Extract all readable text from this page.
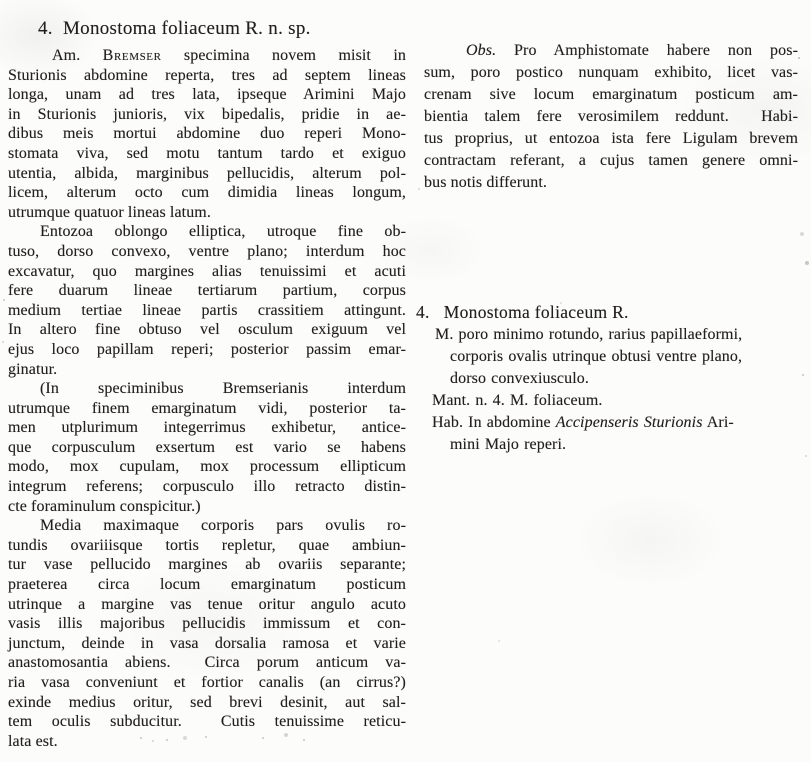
4.  Monostoma foliaceum R. n. sp.
Am. Bremser specimina novem misit in
Sturionis abdomine reperta, tres ad septem lineas
longa, unam ad tres lata, ipseque Arimini Majo
in Sturionis junioris, vix bipedalis, pridie in ae-
dibus meis mortui abdomine duo reperi Mono-
stomata viva, sed motu tantum tardo et exiguo
utentia, albida, marginibus pellucidis, alterum pol-
licem, alterum octo cum dimidia lineas longum,
utrumque quatuor lineas latum.
Entozoa oblongo elliptica, utroque fine ob-
tuso, dorso convexo, ventre plano; interdum hoc
excavatur, quo margines alias tenuissimi et acuti
fere duarum lineae tertiarum partium, corpus
medium tertiae lineae partis crassitiem attingunt.
In altero fine obtuso vel osculum exiguum vel
ejus loco papillam reperi; posterior passim emar-
ginatur.
(In speciminibus Bremserianis interdum
utrumque finem emarginatum vidi, posterior ta-
men utplurimum integerrimus exhibetur, antice-
que corpusculum exsertum est vario se habens
modo, mox cupulam, mox processum ellipticum
integrum referens; corpusculo illo retracto distin-
cte foraminulum conspicitur.)
Media maximaque corporis pars ovulis ro-
tundis ovariiisque tortis repletur, quae ambiun-
tur vase pellucido margines ab ovariis separante;
praeterea circa locum emarginatum posticum
utrinque a margine vas tenue oritur angulo acuto
vasis illis majoribus pellucidis immissum et con-
junctum, deinde in vasa dorsalia ramosa et varie
anastomosantia abiens.  Circa porum anticum va-
ria vasa conveniunt et fortior canalis (an cirrus?)
exinde medius oritur, sed brevi desinit, aut sal-
tem oculis subducitur.  Cutis tenuissime reticu-
lata est.
Obs. Pro Amphistomate habere non pos-
sum, poro postico nunquam exhibito, licet vas-
crenam sive locum emarginatum posticum am-
bientia talem fere verosimilem reddunt.  Habi-
tus proprius, ut entozoa ista fere Ligulam brevem
contractam referant, a cujus tamen genere omni-
bus notis differunt.
4.   Monostoma foliaceum R.
M. poro minimo rotundo, rarius papillaeformi,
corporis ovalis utrinque obtusi ventre plano,
dorso convexiusculo.
Mant. n. 4. M. foliaceum.
Hab. In abdomine Accipenseris Sturionis Ari-
mini Majo reperi.
